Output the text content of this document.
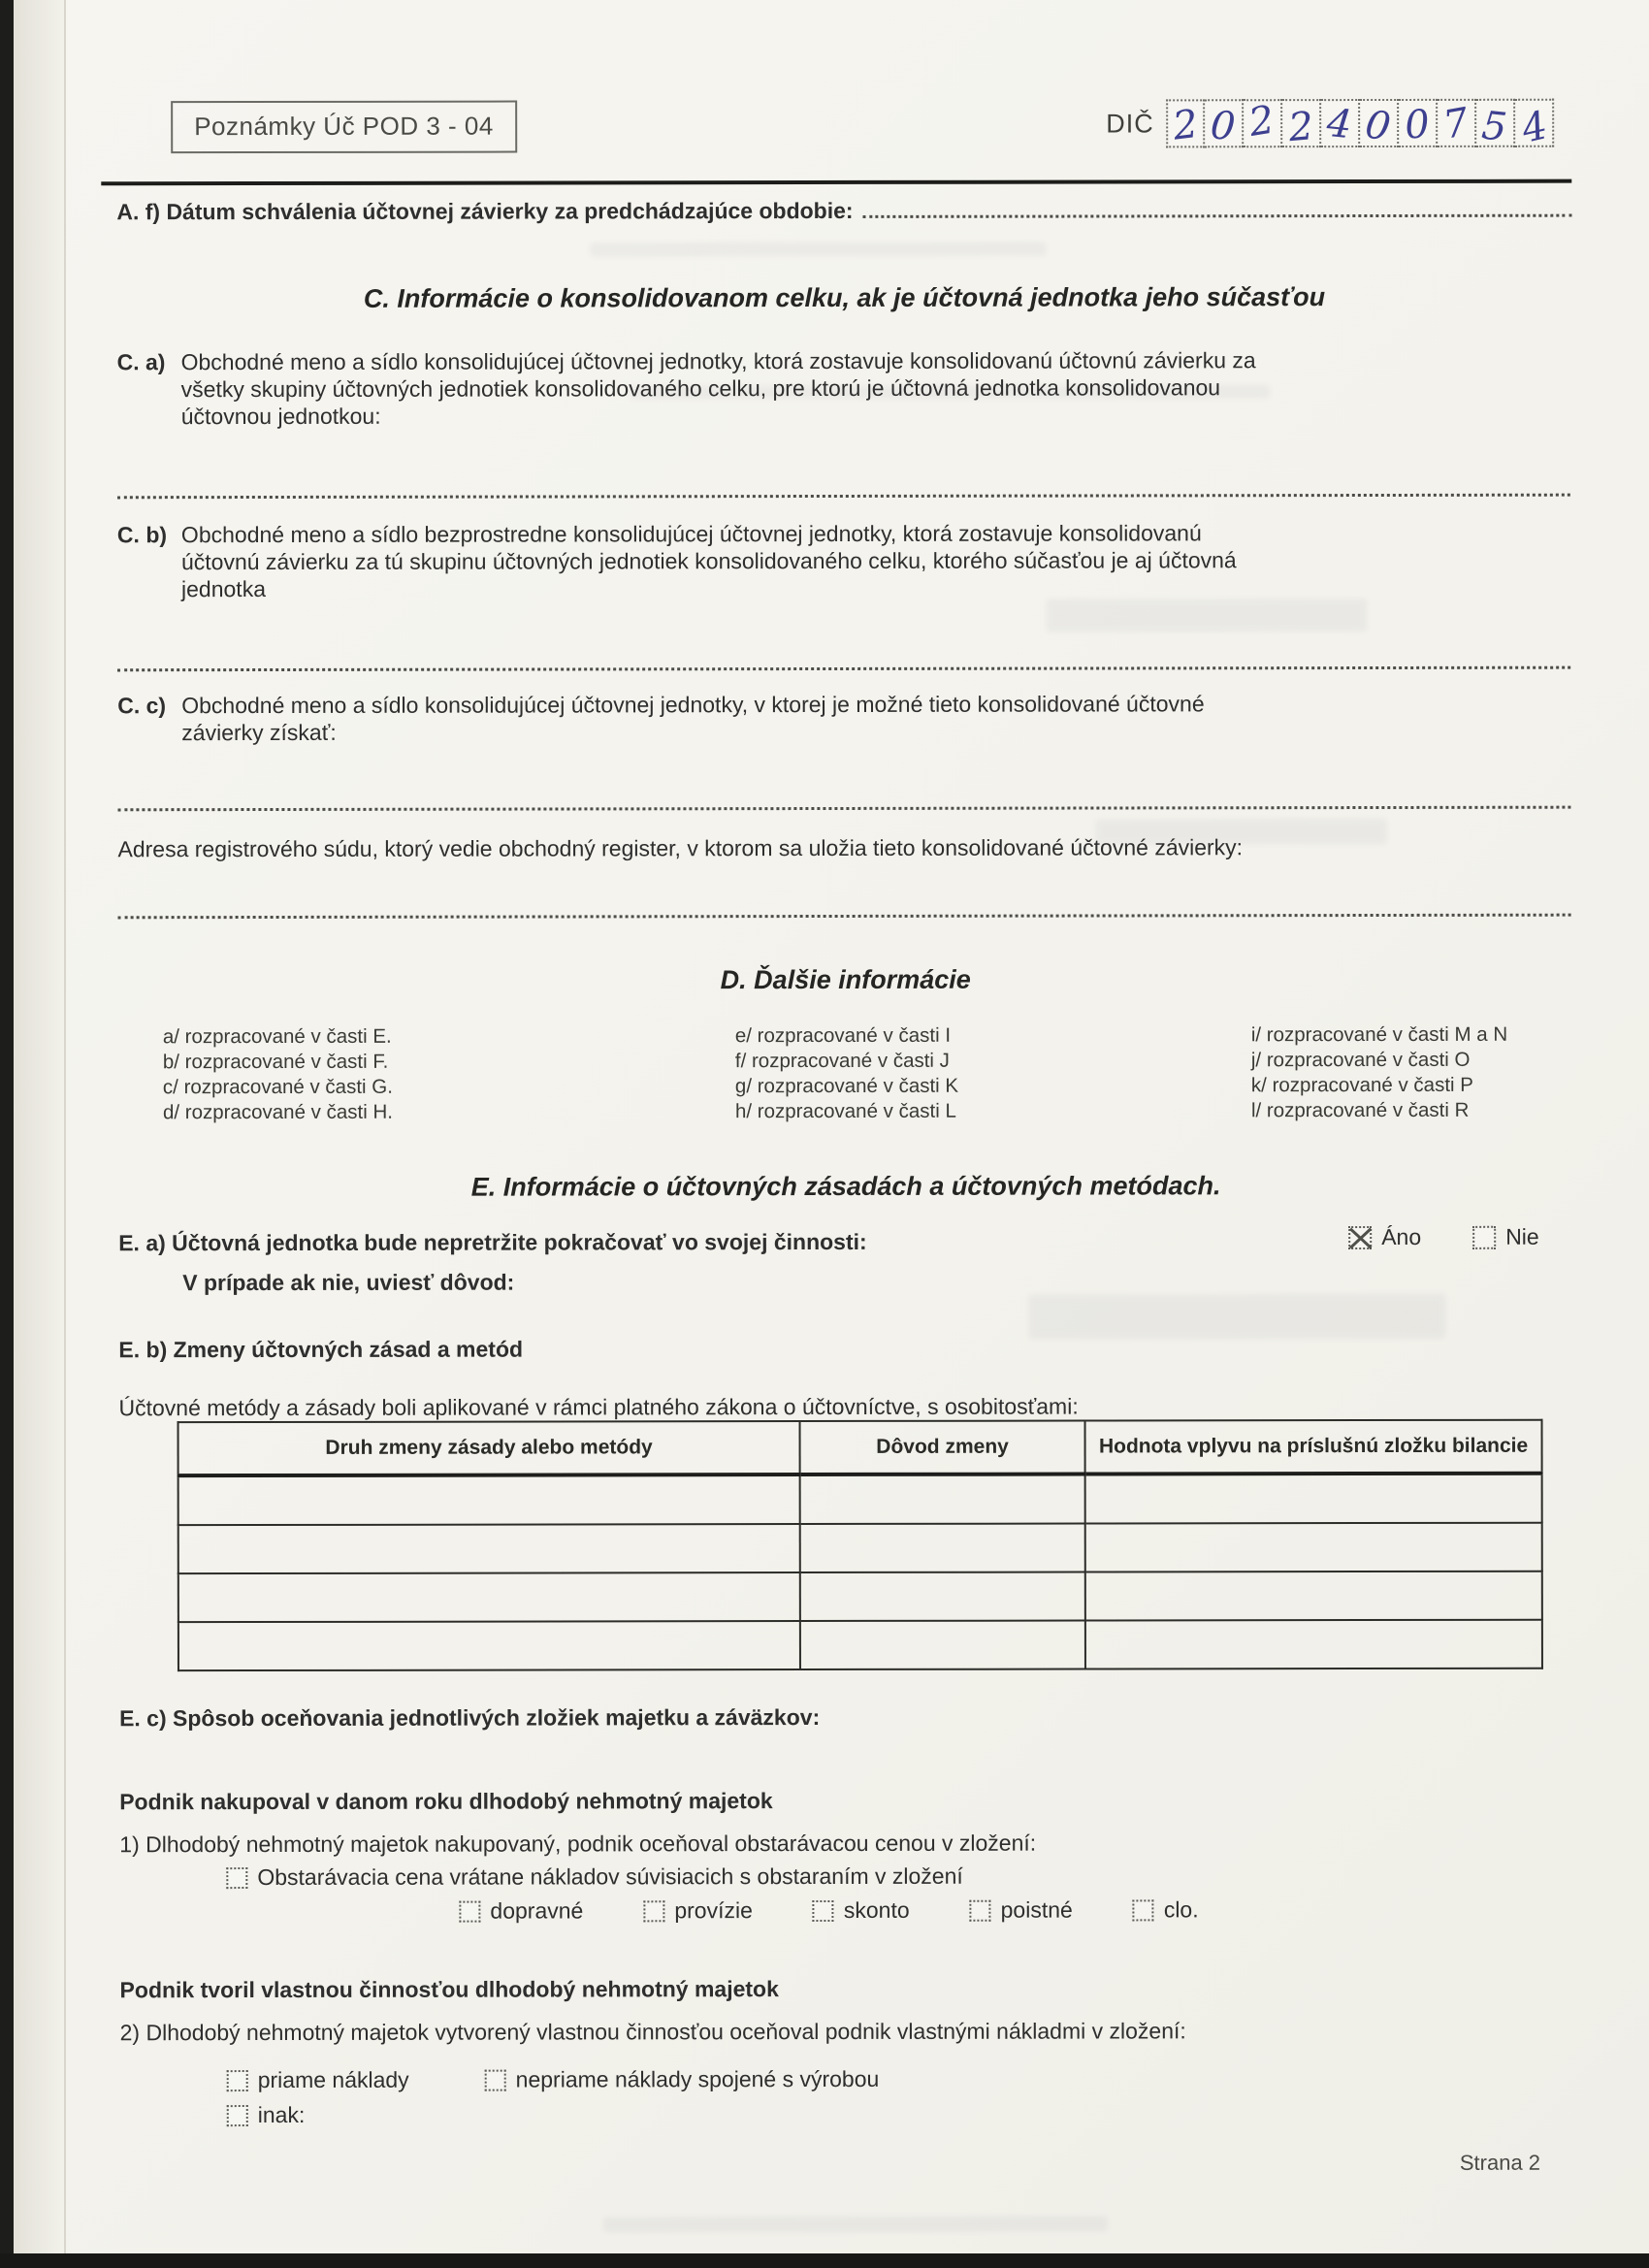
Poznámky Úč POD 3 - 04	DIČ 2 0 2 2 4 0 0 7 5 4
A. f) Dátum schválenia účtovnej závierky za predchádzajúce obdobie:
C. Informácie o konsolidovanom celku, ak je účtovná jednotka jeho súčasťou
C. a) Obchodné meno a sídlo konsolidujúcej účtovnej jednotky, ktorá zostavuje konsolidovanú účtovnú závierku za
všetky skupiny účtovných jednotiek konsolidovaného celku, pre ktorú je účtovná jednotka konsolidovanou
účtovnou jednotkou:
C. b) Obchodné meno a sídlo bezprostredne konsolidujúcej účtovnej jednotky, ktorá zostavuje konsolidovanú
účtovnú závierku za tú skupinu účtovných jednotiek konsolidovaného celku, ktorého súčasťou je aj účtovná
jednotka
C. c) Obchodné meno a sídlo konsolidujúcej účtovnej jednotky, v ktorej je možné tieto konsolidované účtovné
závierky získať:
Adresa registrového súdu, ktorý vedie obchodný register, v ktorom sa uložia tieto konsolidované účtovné závierky:
D. Ďalšie informácie
a/ rozpracované v časti E.
b/ rozpracované v časti F.
c/ rozpracované v časti G.
d/ rozpracované v časti H.
e/ rozpracované v časti I
f/ rozpracované v časti J
g/ rozpracované v časti K
h/ rozpracované v časti L
i/ rozpracované v časti M a N
j/ rozpracované v časti O
k/ rozpracované v časti P
l/ rozpracované v časti R
E. Informácie o účtovných zásadách a účtovných metódach.
E. a) Účtovná jednotka bude nepretržite pokračovať vo svojej činnosti:	Áno	Nie
V prípade ak nie, uviesť dôvod:
E. b) Zmeny účtovných zásad a metód
Účtovné metódy a zásady boli aplikované v rámci platného zákona o účtovníctve, s osobitosťami:
Druh zmeny zásady alebo metódy	Dôvod zmeny	Hodnota vplyvu na príslušnú zložku bilancie

E. c) Spôsob oceňovania jednotlivých zložiek majetku a záväzkov:
Podnik nakupoval v danom roku dlhodobý nehmotný majetok
1) Dlhodobý nehmotný majetok nakupovaný, podnik oceňoval obstarávacou cenou v zložení:
Obstarávacia cena vrátane nákladov súvisiacich s obstaraním v zložení
dopravné	provízie	skonto	poistné	clo.
Podnik tvoril vlastnou činnosťou dlhodobý nehmotný majetok
2) Dlhodobý nehmotný majetok vytvorený vlastnou činnosťou oceňoval podnik vlastnými nákladmi v zložení:
priame náklady	nepriame náklady spojené s výrobou
inak:
Strana 2
